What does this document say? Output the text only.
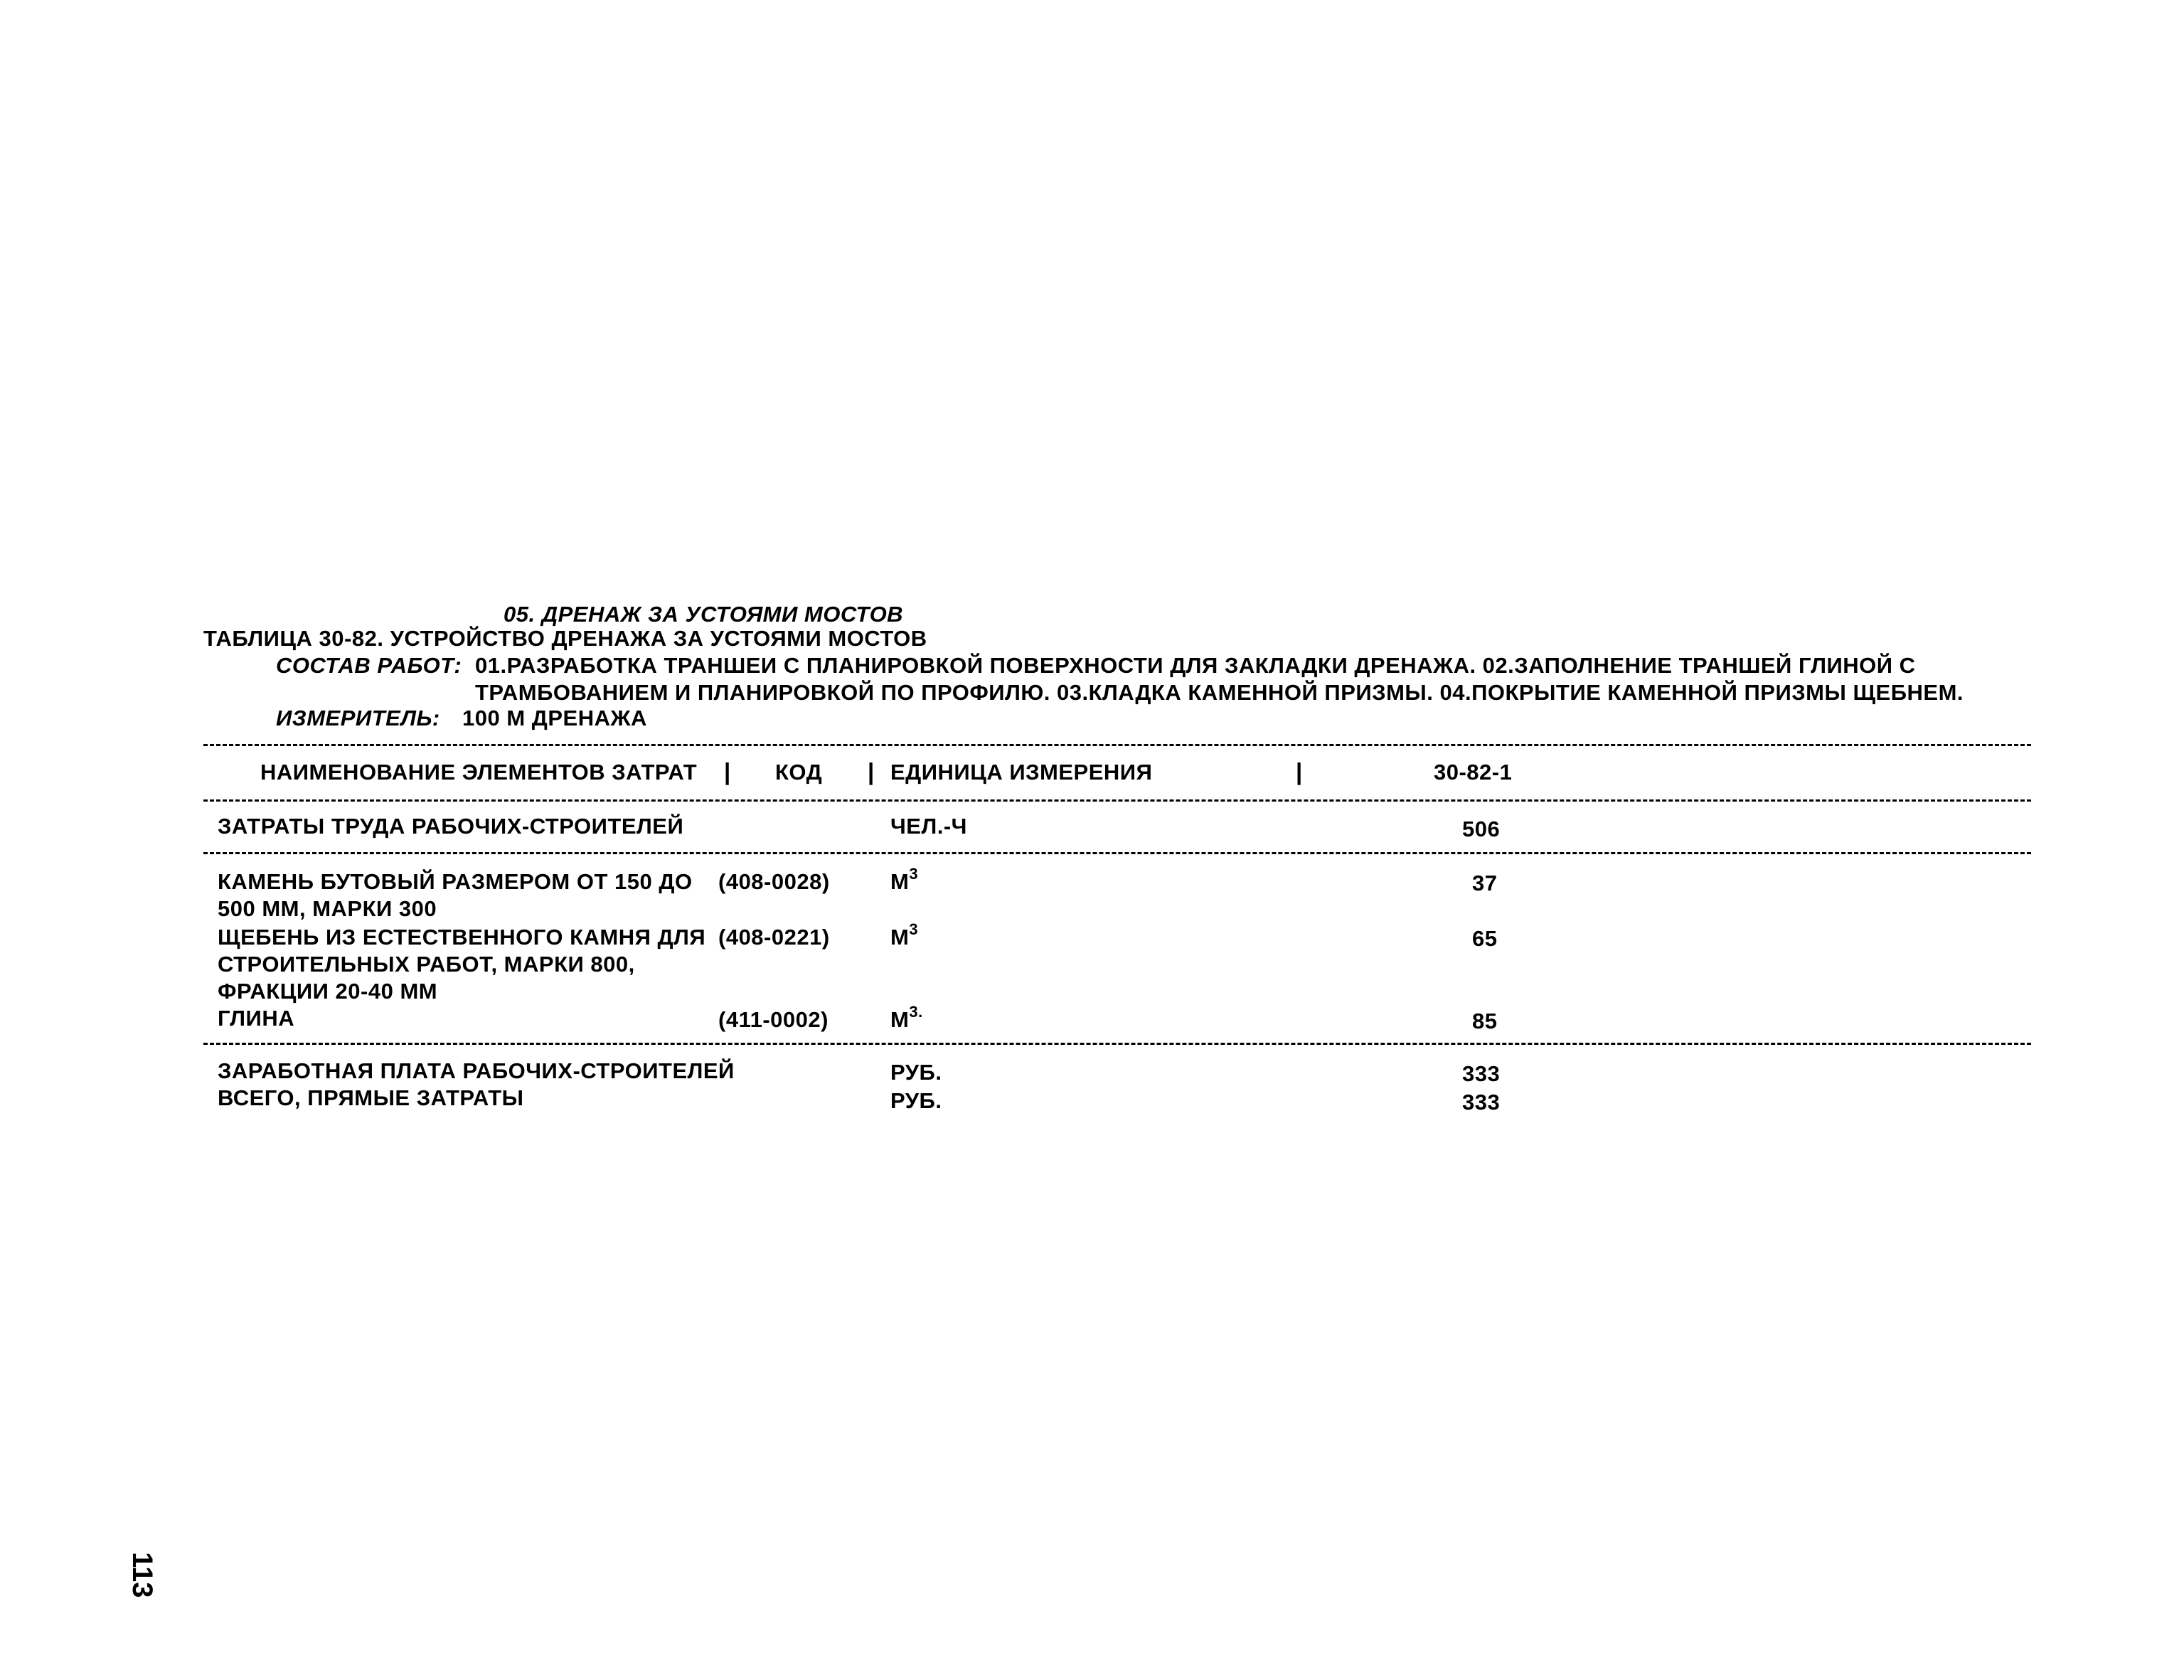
05. ДРЕНАЖ ЗА УСТОЯМИ МОСТОВ
ТАБЛИЦА 30-82. УСТРОЙСТВО ДРЕНАЖА ЗА УСТОЯМИ МОСТОВ
СОСТАВ РАБОТ: 01.РАЗРАБОТКА ТРАНШЕИ С ПЛАНИРОВКОЙ ПОВЕРХНОСТИ ДЛЯ ЗАКЛАДКИ ДРЕНАЖА. 02.ЗАПОЛНЕНИЕ ТРАНШЕЙ ГЛИНОЙ С
ТРАМБОВАНИЕМ И ПЛАНИРОВКОЙ ПО ПРОФИЛЮ. 03.КЛАДКА КАМЕННОЙ ПРИЗМЫ. 04.ПОКРЫТИЕ КАМЕННОЙ ПРИЗМЫ ЩЕБНЕМ.
ИЗМЕРИТЕЛЬ: 100 М ДРЕНАЖА
НАИМЕНОВАНИЕ ЭЛЕМЕНТОВ ЗАТРАТ | КОД | ЕДИНИЦА ИЗМЕРЕНИЯ	|	30-82-1
ЗАТРАТЫ ТРУДА РАБОЧИХ-СТРОИТЕЛЕЙ	ЧЕЛ.-Ч	506
КАМЕНЬ БУТОВЫЙ РАЗМЕРОМ ОТ 150 ДО
500 ММ, МАРКИ 300
(408-0028)	$М^3$	37
ЩЕБЕНЬ ИЗ ЕСТЕСТВЕННОГО КАМНЯ ДЛЯ
СТРОИТЕЛЬНЫХ РАБОТ, МАРКИ 800,
ФРАКЦИИ 20-40 ММ
(408-0221)	$М^3$	65
ГЛИНА	(411-0002)	$М^{3.}$	85
ЗАРАБОТНАЯ ПЛАТА РАБОЧИХ-СТРОИТЕЛЕЙ	РУБ.	333
ВСЕГО, ПРЯМЫЕ ЗАТРАТЫ	РУБ.	333
113
